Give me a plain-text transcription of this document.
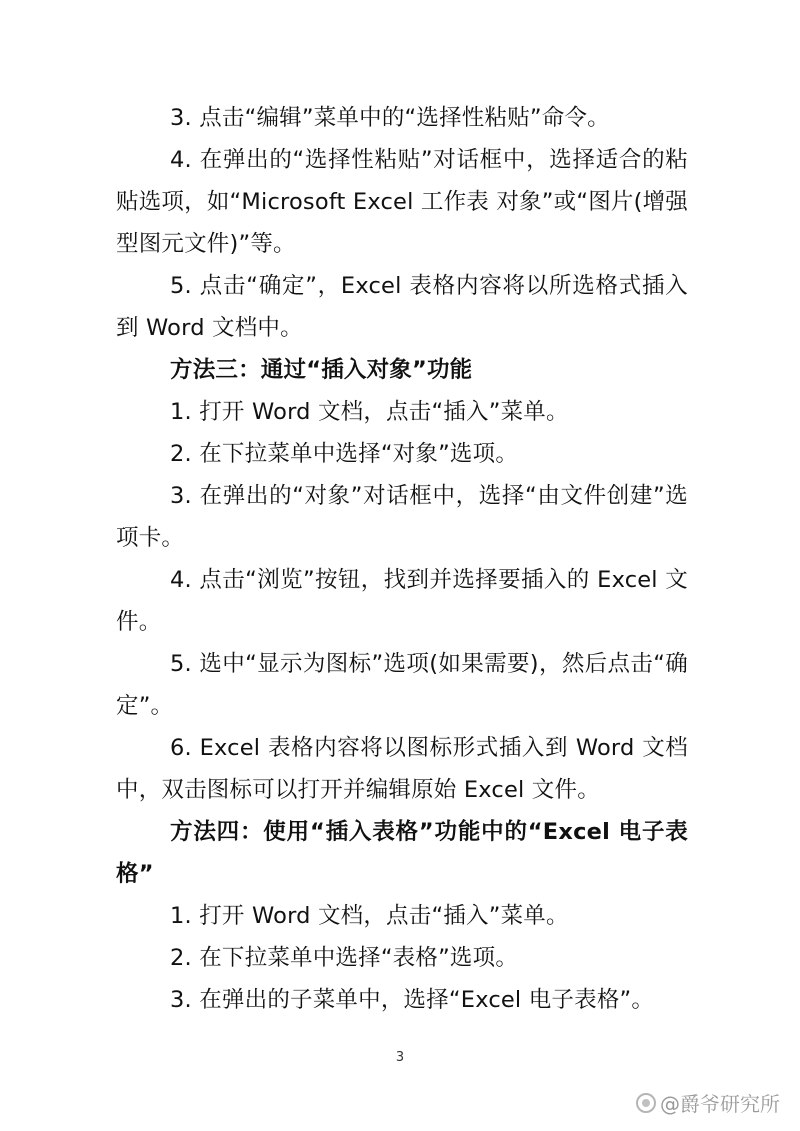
3. 点击“编辑”菜单中的“选择性粘贴”命令。

4. 在弹出的“选择性粘贴”对话框中，选择适合的粘贴选项，如“Microsoft Excel 工作表 对象”或“图片(增强型图元文件)”等。

5. 点击“确定”，Excel 表格内容将以所选格式插入到 Word 文档中。

方法三：通过“插入对象”功能

1. 打开 Word 文档，点击“插入”菜单。

2. 在下拉菜单中选择“对象”选项。

3. 在弹出的“对象”对话框中，选择“由文件创建”选项卡。

4. 点击“浏览”按钮，找到并选择要插入的 Excel 文件。

5. 选中“显示为图标”选项(如果需要)，然后点击“确定”。

6. Excel 表格内容将以图标形式插入到 Word 文档中，双击图标可以打开并编辑原始 Excel 文件。

方法四：使用“插入表格”功能中的“Excel 电子表格”

1. 打开 Word 文档，点击“插入”菜单。

2. 在下拉菜单中选择“表格”选项。

3. 在弹出的子菜单中，选择“Excel 电子表格”。

3
@爵爷研究所
